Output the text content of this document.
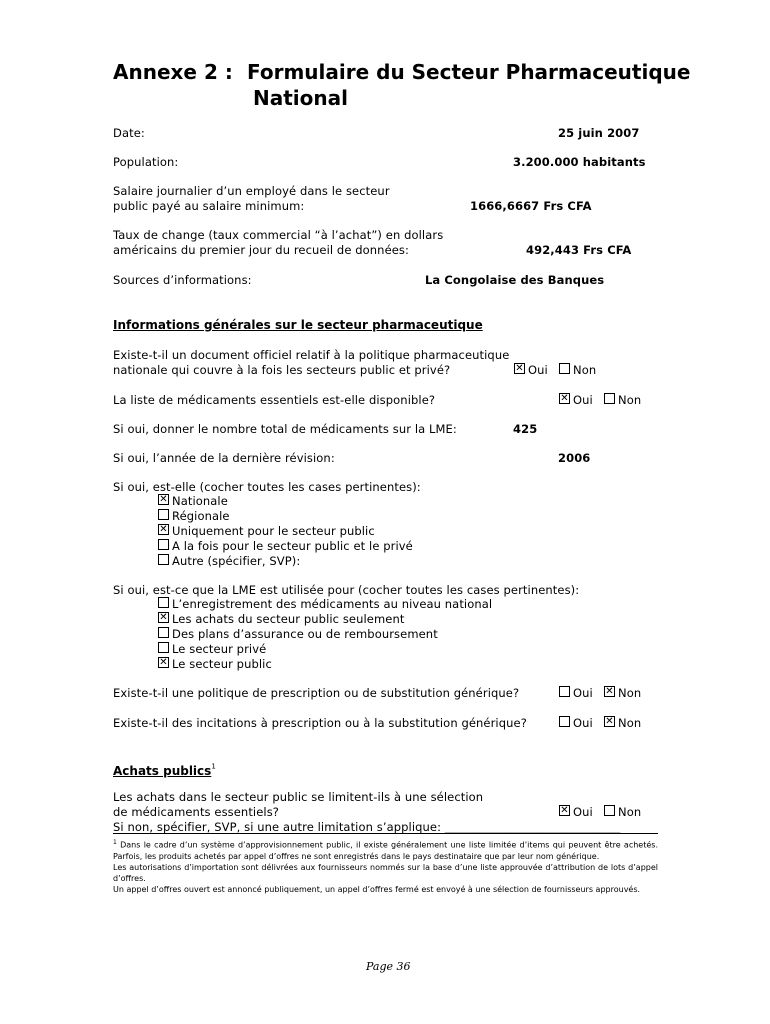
Annexe 2 : Formulaire du Secteur Pharmaceutique
National
Date:	25 juin 2007
Population:	3.200.000 habitants
Salaire journalier d’un employé dans le secteur
public payé au salaire minimum:	1666,6667 Frs CFA
Taux de change (taux commercial “à l’achat”) en dollars
américains du premier jour du recueil de données:	492,443 Frs CFA
Sources d’informations:	La Congolaise des Banques
Informations générales sur le secteur pharmaceutique
Existe-t-il un document officiel relatif à la politique pharmaceutique
nationale qui couvre à la fois les secteurs public et privé?	✕ Oui Non
La liste de médicaments essentiels est-elle disponible?	✕ Oui Non
Si oui, donner le nombre total de médicaments sur la LME:	425
Si oui, l’année de la dernière révision:	2006
Si oui, est-elle (cocher toutes les cases pertinentes):
✕ Nationale
Régionale
✕ Uniquement pour le secteur public
A la fois pour le secteur public et le privé
Autre (spécifier, SVP):
Si oui, est-ce que la LME est utilisée pour (cocher toutes les cases pertinentes):
L’enregistrement des médicaments au niveau national
✕ Les achats du secteur public seulement
Des plans d’assurance ou de remboursement
Le secteur privé
✕ Le secteur public
Existe-t-il une politique de prescription ou de substitution générique?	Oui ✕ Non
Existe-t-il des incitations à prescription ou à la substitution générique?	Oui ✕ Non
Achats publics$^1$
Les achats dans le secteur public se limitent-ils à une sélection
de médicaments essentiels?	✕ Oui Non
Si non, spécifier, SVP, si une autre limitation s’applique: ______________________________
$^1$ Dans le cadre d’un système d’approvisionnement public, il existe généralement une liste limitée d’items qui peuvent être achetés. Parfois, les produits achetés par appel d’offres ne sont enregistrés dans le pays destinataire que par leur nom générique.
Les autorisations d’importation sont délivrées aux fournisseurs nommés sur la base d’une liste approuvée d’attribution de lots d’appel d’offres.
Un appel d’offres ouvert est annoncé publiquement, un appel d’offres fermé est envoyé à une sélection de fournisseurs approuvés.
Page 36
